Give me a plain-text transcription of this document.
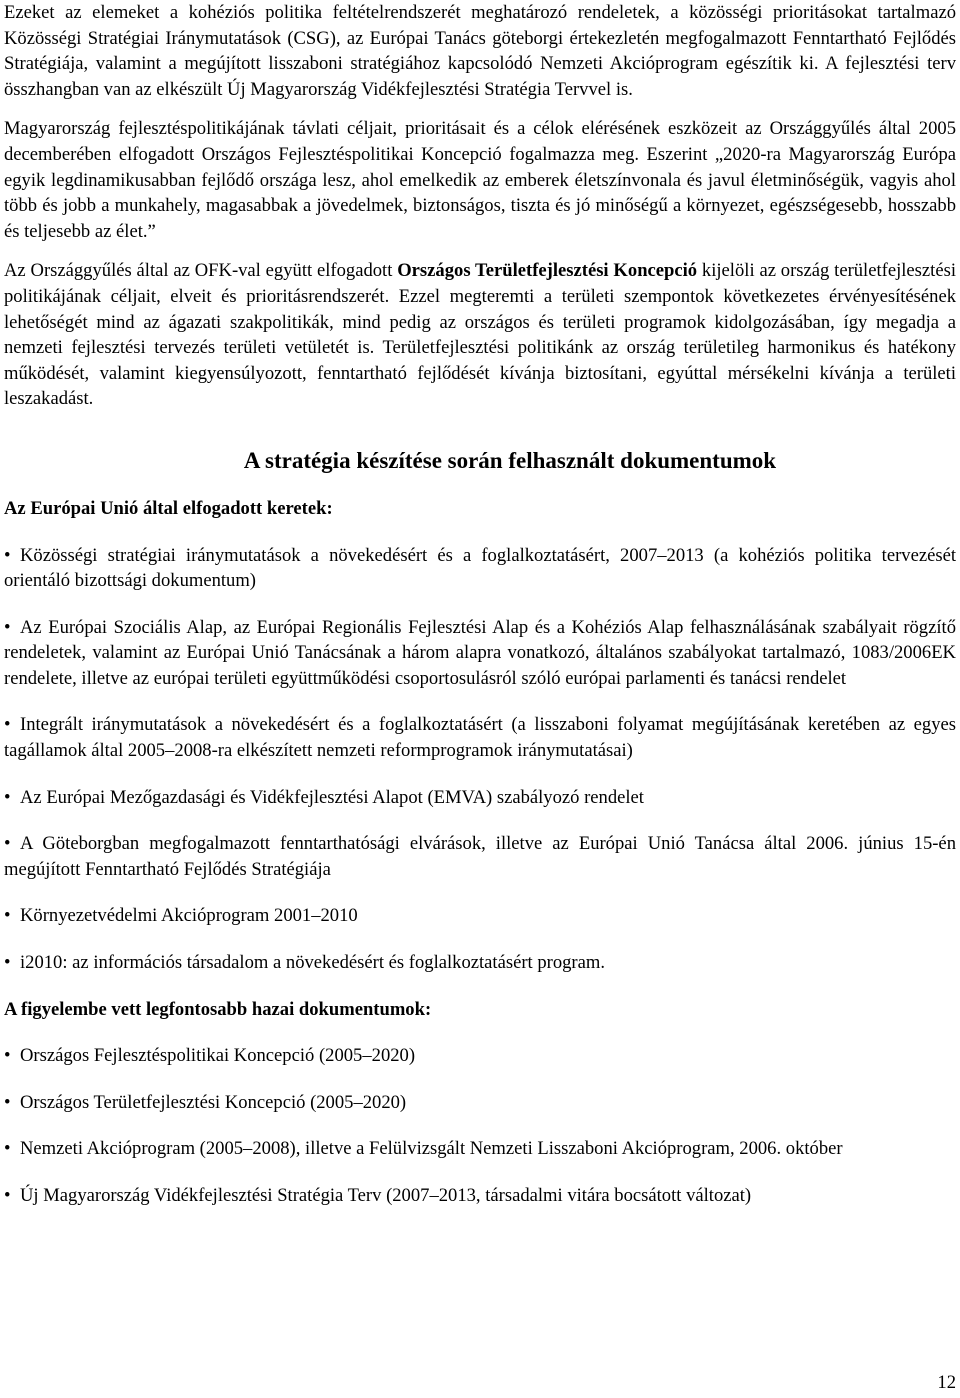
Ezeket az elemeket a kohéziós politika feltételrendszerét meghatározó rendeletek, a közösségi prioritásokat tartalmazó Közösségi Stratégiai Iránymutatások (CSG), az Európai Tanács göteborgi értekezletén megfogalmazott Fenntartható Fejlődés Stratégiája, valamint a megújított lisszaboni stratégiához kapcsolódó Nemzeti Akcióprogram egészítik ki. A fejlesztési terv összhangban van az elkészült Új Magyarország Vidékfejlesztési Stratégia Tervvel is.

Magyarország fejlesztéspolitikájának távlati céljait, prioritásait és a célok elérésének eszközeit az Országgyűlés által 2005 decemberében elfogadott Országos Fejlesztéspolitikai Koncepció fogalmazza meg. Eszerint „2020-ra Magyarország Európa egyik legdinamikusabban fejlődő országa lesz, ahol emelkedik az emberek életszínvonala és javul életminőségük, vagyis ahol több és jobb a munkahely, magasabbak a jövedelmek, biztonságos, tiszta és jó minőségű a környezet, egészségesebb, hosszabb és teljesebb az élet.”

Az Országgyűlés által az OFK-val együtt elfogadott Országos Területfejlesztési Koncepció kijelöli az ország területfejlesztési politikájának céljait, elveit és prioritásrendszerét. Ezzel megteremti a területi szempontok következetes érvényesítésének lehetőségét mind az ágazati szakpolitikák, mind pedig az országos és területi programok kidolgozásában, így megadja a nemzeti fejlesztési tervezés területi vetületét is. Területfejlesztési politikánk az ország területileg harmonikus és hatékony működését, valamint kiegyensúlyozott, fenntartható fejlődését kívánja biztosítani, egyúttal mérsékelni kívánja a területi leszakadást.

A stratégia készítése során felhasznált dokumentumok
Az Európai Unió által elfogadott keretek:

• Közösségi stratégiai iránymutatások a növekedésért és a foglalkoztatásért, 2007–2013 (a kohéziós politika tervezését orientáló bizottsági dokumentum)

• Az Európai Szociális Alap, az Európai Regionális Fejlesztési Alap és a Kohéziós Alap felhasználásának szabályait rögzítő rendeletek, valamint az Európai Unió Tanácsának a három alapra vonatkozó, általános szabályokat tartalmazó, 1083/2006EK rendelete, illetve az európai területi együttműködési csoportosulásról szóló európai parlamenti és tanácsi rendelet

• Integrált iránymutatások a növekedésért és a foglalkoztatásért (a lisszaboni folyamat megújításának keretében az egyes tagállamok által 2005–2008-ra elkészített nemzeti reformprogramok iránymutatásai)

• Az Európai Mezőgazdasági és Vidékfejlesztési Alapot (EMVA) szabályozó rendelet

• A Göteborgban megfogalmazott fenntarthatósági elvárások, illetve az Európai Unió Tanácsa által 2006. június 15-én megújított Fenntartható Fejlődés Stratégiája

• Környezetvédelmi Akcióprogram 2001–2010

• i2010: az információs társadalom a növekedésért és foglalkoztatásért program.

A figyelembe vett legfontosabb hazai dokumentumok:

• Országos Fejlesztéspolitikai Koncepció (2005–2020)

• Országos Területfejlesztési Koncepció (2005–2020)

• Nemzeti Akcióprogram (2005–2008), illetve a Felülvizsgált Nemzeti Lisszaboni Akcióprogram, 2006. október

• Új Magyarország Vidékfejlesztési Stratégia Terv (2007–2013, társadalmi vitára bocsátott változat)

12
